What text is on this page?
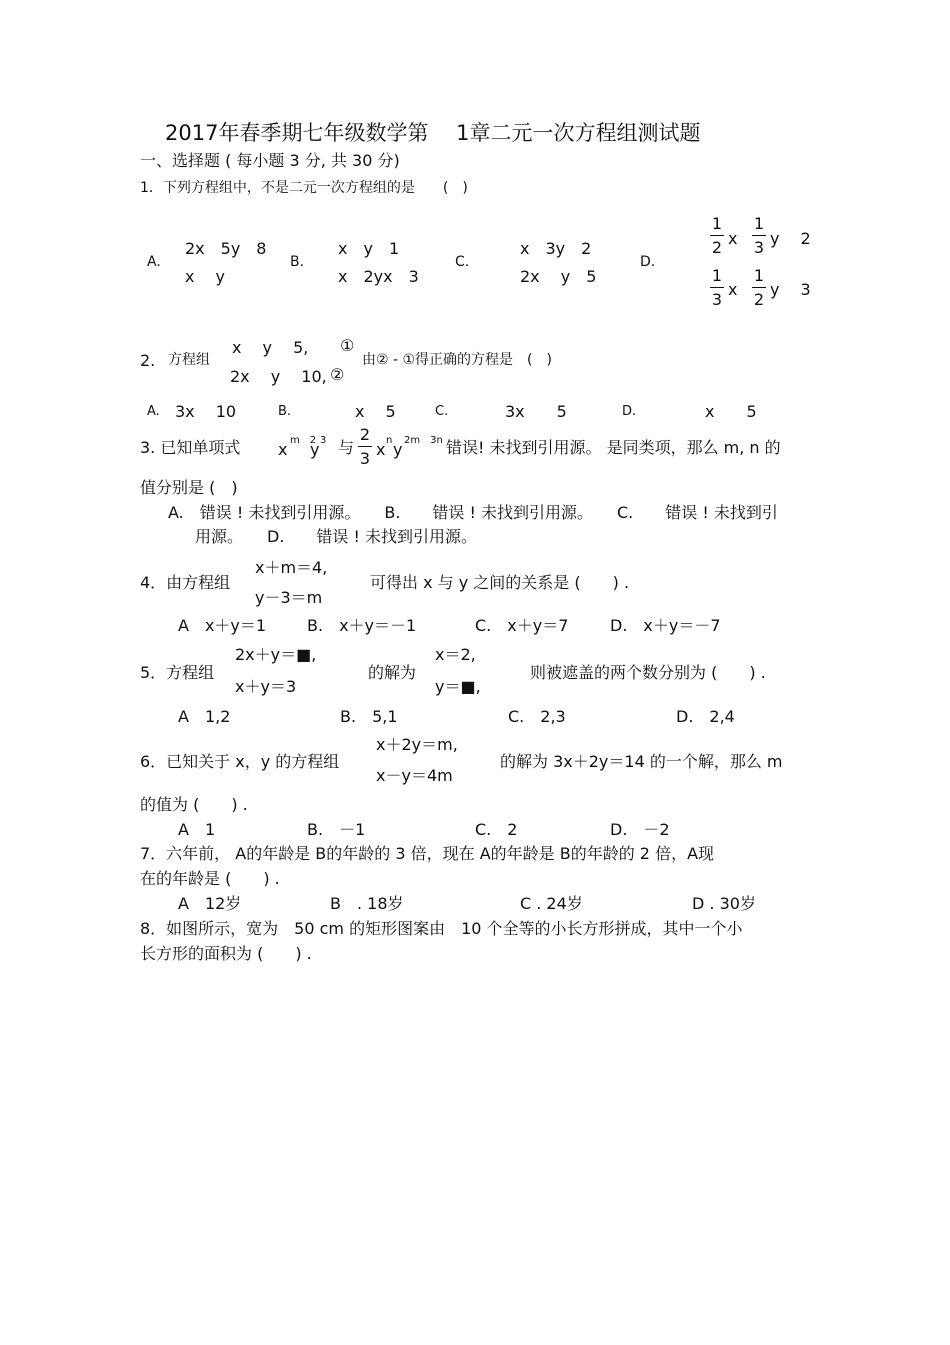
2017年春季期七年级数学第　 1章二元一次方程组测试题
一、选择题 ( 每小题 3 分, 共 30 分)
1．下列方程组中，不是二元一次方程组的是　　(　)
A.
2x　5y　8
x　 y
B.
x　y　1
x　2yx　3
C.
x　3y　2
2x　 y　5
D.
1
2 x
1
3 y　 2
1
3
x
1
2
y　 3
2. 方程组
x　 y　 5, ①
2x　 y　 10, ②
由② - ①得正确的方程是　(　)
A. 3x　 10	B.	x　 5	C.	3x　　5	D.	x　　5
3. 已知单项式 x m　2
y 3 与
2
3 x n y 2m　3n 错误! 未找到引用源。 是同类项，那么 m, n 的
值分别是 (　)
A.　错误 ! 未找到引用源。　　B.　　错误 ! 未找到引用源。　　C.　　错误 ! 未找到引
用源。　　D.　　错误 ! 未找到引用源。
4．由方程组
x＋m＝4,
y－3＝m
可得出 x 与 y 之间的关系是 (　　) .
A　x＋y＝1	B.　x＋y＝－1	C.　x＋y＝7	D.　x＋y＝－7
5．方程组
2x＋y＝■,
x＋y＝3
的解为
x＝2,
y＝■,
则被遮盖的两个数分别为 (　　) .
A　1,2	B.　5,1	C.　2,3	D.　2,4
6．已知关于 x，y 的方程组
x＋2y＝m,
x－y＝4m
的解为 3x＋2y＝14 的一个解，那么 m
的值为 (　　) .
A　1	B.　－1	C.　2	D.　－2
7．六年前， A的年龄是 B的年龄的 3 倍，现在 A的年龄是 B的年龄的 2 倍，A现
在的年龄是 (　　) .
A　12岁	B　. 18岁	C . 24岁	D . 30岁
8．如图所示，宽为　50 cm 的矩形图案由　10 个全等的小长方形拼成，其中一个小
长方形的面积为 (　　) .
